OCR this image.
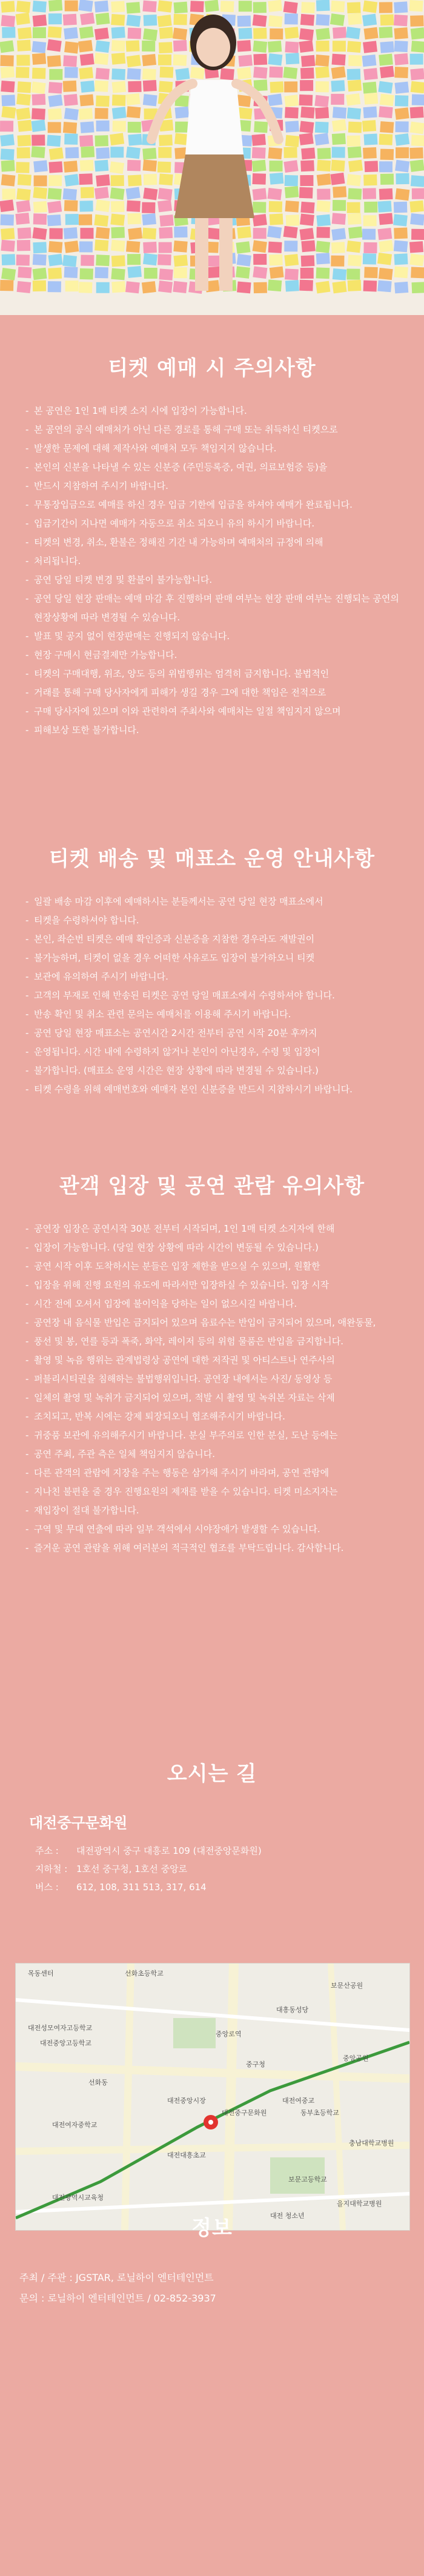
티켓 예매 시 주의사항
- 본 공연은 1인 1매 티켓 소지 시에 입장이 가능합니다.
- 본 공연의 공식 예매처가 아닌 다른 경로를 통해 구매 또는 취득하신 티켓으로
- 발생한 문제에 대해 제작사와 예매처 모두 책임지지 않습니다.
- 본인의 신분을 나타낼 수 있는 신분증 (주민등록증, 여권, 의료보험증 등)을
- 반드시 지참하여 주시기 바랍니다.
- 무통장입금으로 예매를 하신 경우 입금 기한에 입금을 하셔야 예매가 완료됩니다.
- 입금기간이 지나면 예매가 자동으로 취소 되오니 유의 하시기 바랍니다.
- 티켓의 변경, 취소, 환불은 정해진 기간 내 가능하며 예매처의 규정에 의해
- 처리됩니다.
- 공연 당일 티켓 변경 및 환불이 불가능합니다.
- 공연 당일 현장 판매는 예매 마감 후 진행하며 판매 여부는 현장 판매 여부는 진행되는 공연의 현장상황에 따라 변경될 수 있습니다.
- 발표 및 공지 없이 현장판매는 진행되지 않습니다.
- 현장 구매시 현금결제만 가능합니다.
- 티켓의 구매대행, 위조, 양도 등의 위법행위는 엄격히 금지합니다. 불법적인
- 거래를 통해 구매 당사자에게 피해가 생길 경우 그에 대한 책임은 전적으로
- 구매 당사자에 있으며 이와 관련하여 주최사와 예매처는 일절 책임지지 않으며
- 피해보상 또한 불가합니다.
티켓 배송 및 매표소 운영 안내사항
- 일괄 배송 마감 이후에 예매하시는 분들께서는 공연 당일 현장 매표소에서
- 티켓을 수령하셔야 합니다.
- 본인, 좌순번 티켓은 예매 확인증과 신분증을 지참한 경우라도 재발권이
- 불가능하며, 티켓이 없을 경우 어떠한 사유로도 입장이 불가하오니 티켓
- 보관에 유의하여 주시기 바랍니다.
- 고객의 부재로 인해 반송된 티켓은 공연 당일 매표소에서 수령하셔야 합니다.
- 반송 확인 및 취소 관련 문의는 예매처를 이용해 주시기 바랍니다.
- 공연 당일 현장 매표소는 공연시간 2시간 전부터 공연 시작 20분 후까지
- 운영됩니다. 시간 내에 수령하지 않거나 본인이 아닌경우, 수령 및 입장이
- 불가합니다. (매표소 운영 시간은 현장 상황에 따라 변경될 수 있습니다.)
- 티켓 수령을 위해 예매번호와 예매자 본인 신분증을 반드시 지참하시기 바랍니다.
관객 입장 및 공연 관람 유의사항
- 공연장 입장은 공연시작 30분 전부터 시작되며, 1인 1매 티켓 소지자에 한해
- 입장이 가능합니다. (당일 현장 상황에 따라 시간이 변동될 수 있습니다.)
- 공연 시작 이후 도착하시는 분들은 입장 제한을 받으실 수 있으며, 원활한
- 입장을 위해 진행 요원의 유도에 따라서만 입장하실 수 있습니다. 입장 시작
- 시간 전에 오셔서 입장에 불이익을 당하는 일이 없으시길 바랍니다.
- 공연장 내 음식물 반입은 금지되어 있으며 음료수는 반입이 금지되어 있으며, 애완동물,
- 풍선 및 봉, 연를 등과 폭죽, 화약, 레이저 등의 위험 물품은 반입을 금지합니다.
- 촬영 및 녹음 행위는 관계법령상 공연에 대한 저작권 및 아티스트나 연주사의
- 퍼블리시티권을 침해하는 불법행위입니다. 공연장 내에서는 사진/ 동영상 등
- 일체의 촬영 및 녹취가 금지되어 있으며, 적발 시 촬영 및 녹취본 자료는 삭제
- 조치되고, 반복 시에는 강제 퇴장되오니 협조해주시기 바랍니다.
- 귀중품 보관에 유의해주시기 바랍니다. 분실 부주의로 인한 분실, 도난 등에는
- 공연 주최, 주관 측은 일체 책임지지 않습니다.
- 다른 관객의 관람에 지장을 주는 행동은 삼가해 주시기 바라며, 공연 관람에
- 지나친 불편을 줄 경우 진행요원의 제재를 받을 수 있습니다. 티켓 미소지자는
- 재입장이 절대 불가합니다.
- 구역 및 무대 연출에 따라 일부 객석에서 시야장애가 발생할 수 있습니다.
- 즐거운 공연 관람을 위해 여러분의 적극적인 협조를 부탁드립니다. 감사합니다.
오시는 길
대전중구문화원
주소 :	대전광역시 중구 대흥로 109 (대전중앙문화원)
지하철 : 1호선 중구청, 1호선 중앙로
버스 :	612, 108, 311 513, 317, 614
목동센터	선화초등학교
대전성모여자고등학교
대전중앙고등학교
대전중앙시장
중앙로역
대흥동성당
중구청
대전중구문화원
대전대흥초교
대전여중교
중앙공원
선화동
보문산공원
대전광역시교육청
대전여자중학교
보문고등학교
동부초등학교
충남대학교병원
대전 청소년
을지대학교병원
정보
주최 / 주관 : JGSTAR, 로닐하이 엔터테인먼트
문의 : 로닐하이 엔터테인먼트 / 02-852-3937
